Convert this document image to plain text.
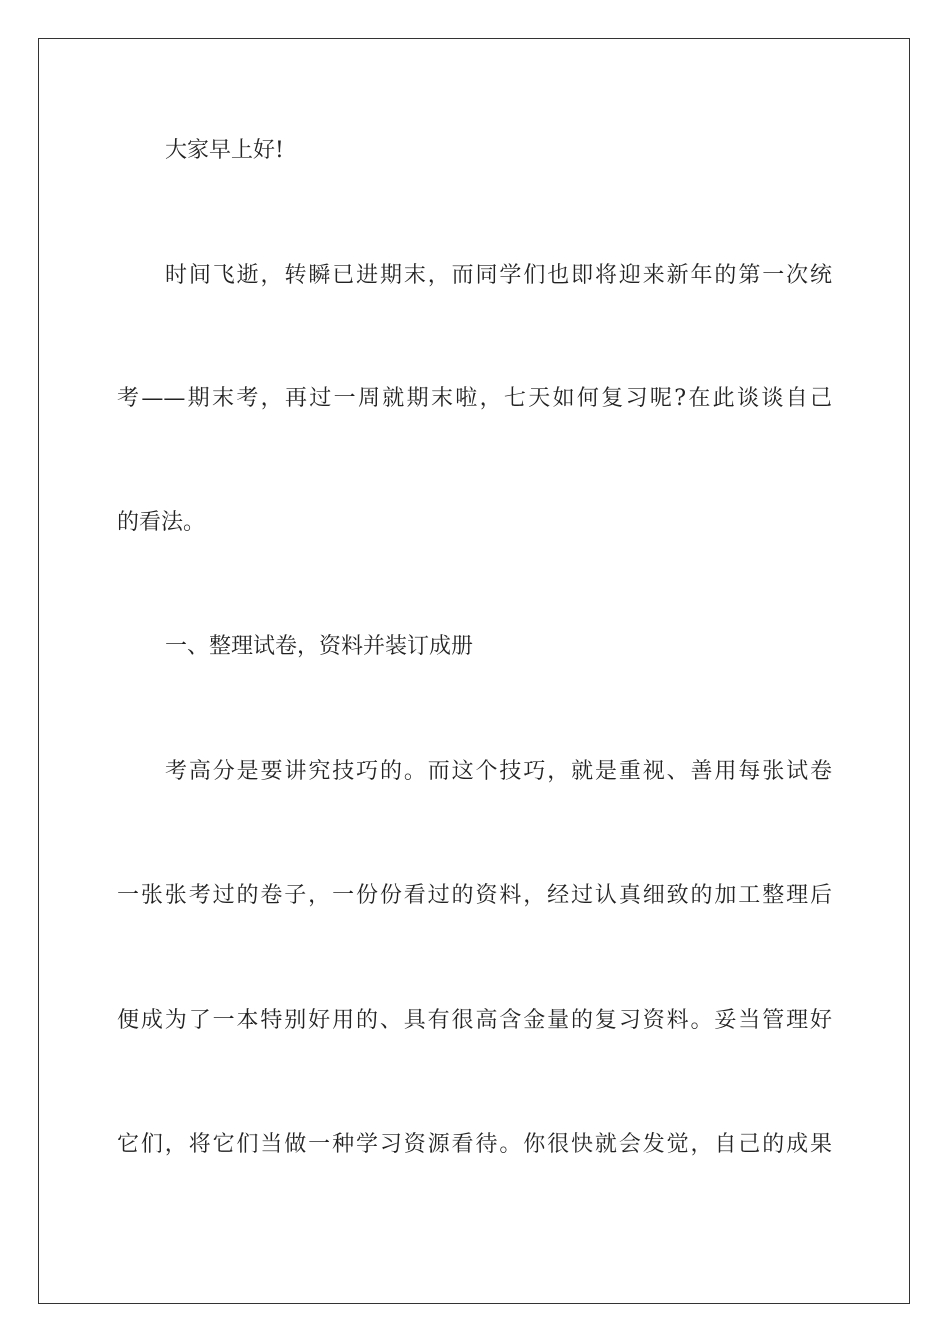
大家早上好!
时间飞逝，转瞬已进期末，而同学们也即将迎来新年的第一次统
考——期末考，再过一周就期末啦，七天如何复习呢?在此谈谈自己
的看法。
一、整理试卷，资料并装订成册
考高分是要讲究技巧的。而这个技巧，就是重视、善用每张试卷
一张张考过的卷子，一份份看过的资料，经过认真细致的加工整理后
便成为了一本特别好用的、具有很高含金量的复习资料。妥当管理好
它们，将它们当做一种学习资源看待。你很快就会发觉，自己的成果
